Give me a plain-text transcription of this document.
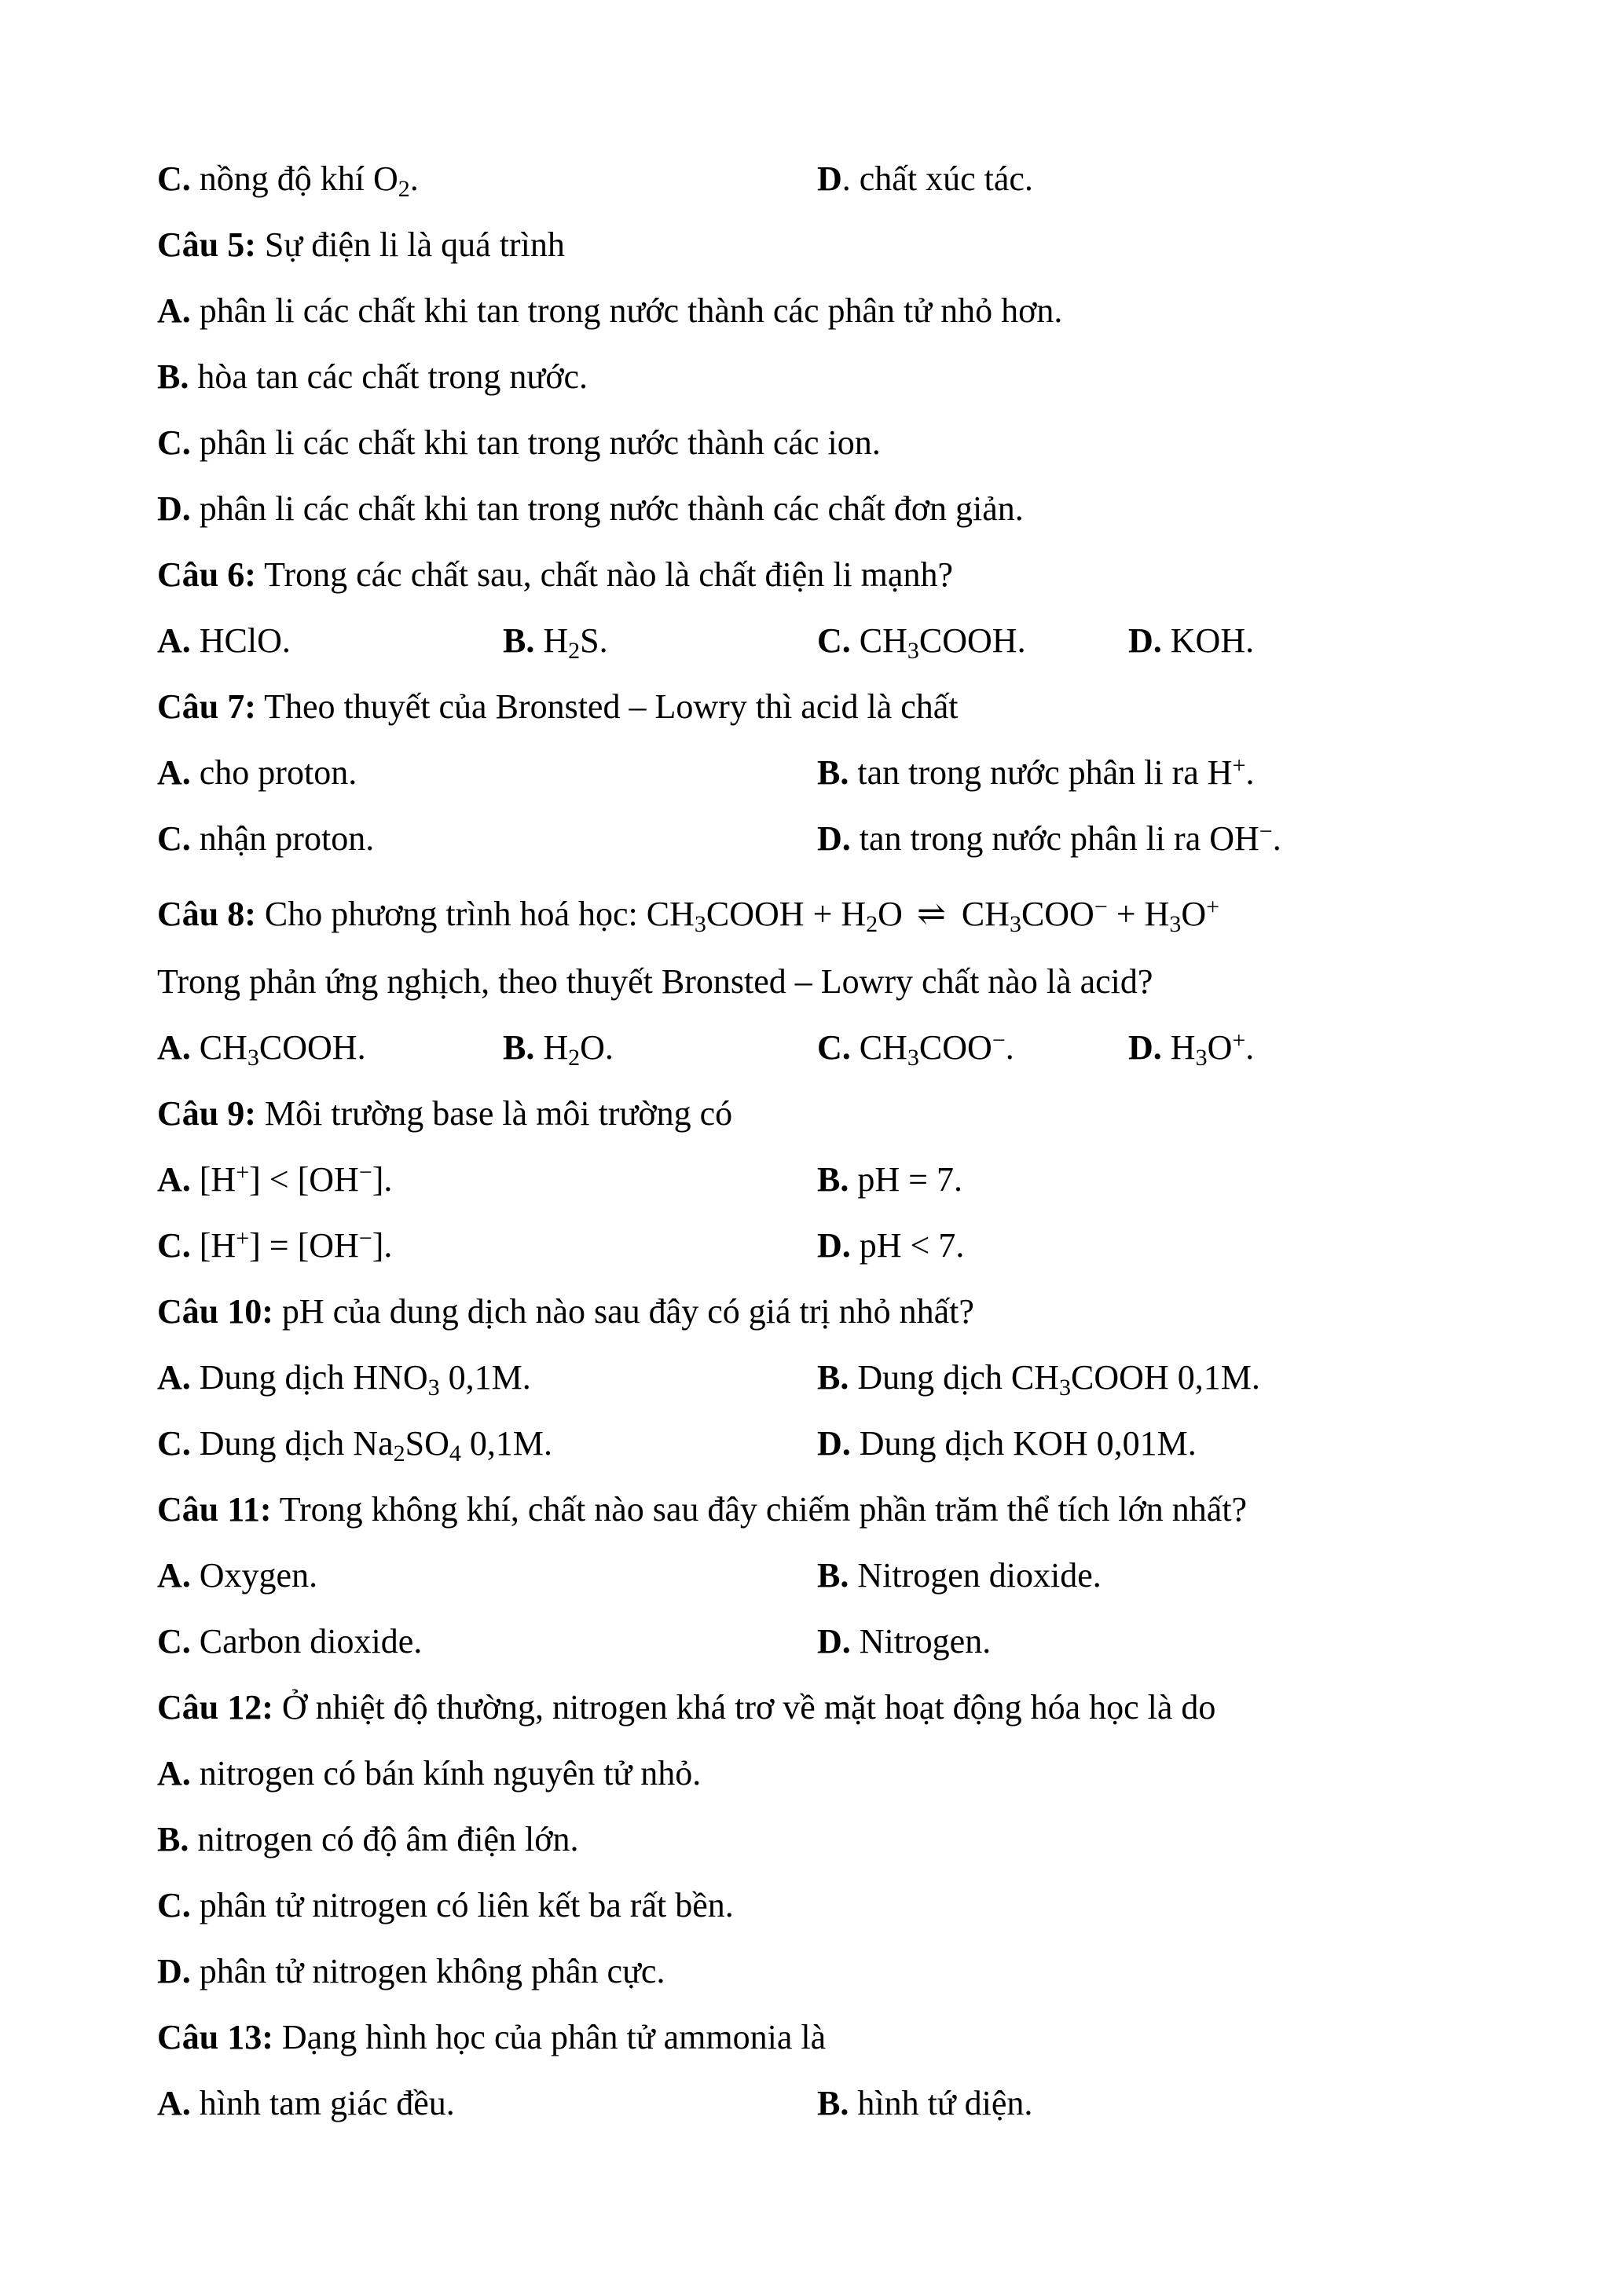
C. nồng độ khí $O_2$.	D. chất xúc tác.
Câu 5: Sự điện li là quá trình
A. phân li các chất khi tan trong nước thành các phân tử nhỏ hơn.
B. hòa tan các chất trong nước.
C. phân li các chất khi tan trong nước thành các ion.
D. phân li các chất khi tan trong nước thành các chất đơn giản.
Câu 6: Trong các chất sau, chất nào là chất điện li mạnh?
A. HClO.	B. $H_2S$.	C. $CH_3COOH$.	D. KOH.
Câu 7: Theo thuyết của Bronsted – Lowry thì acid là chất
A. cho proton.	B. tan trong nước phân li ra H+.
C. nhận proton.	D. tan trong nước phân li ra OH−.
Câu 8: Cho phương trình hoá học: $CH_3COOH + H_2O$ ⇌ $CH_3COO^- + H_3O^+$
Trong phản ứng nghịch, theo thuyết Bronsted – Lowry chất nào là acid?
A. $CH_3COOH$.	B. $H_2O$.	C. $CH_3COO^-$.	D. $H_3O^+$.
Câu 9: Môi trường base là môi trường có
A. [H+] < [OH−].	B. pH = 7.
C. [H+] = [OH−].	D. pH < 7.
Câu 10: pH của dung dịch nào sau đây có giá trị nhỏ nhất?
A. Dung dịch $HNO_3$ 0,1M.	B. Dung dịch $CH_3COOH$ 0,1M.
C. Dung dịch $Na_2SO_4$ 0,1M.	D. Dung dịch KOH 0,01M.
Câu 11: Trong không khí, chất nào sau đây chiếm phần trăm thể tích lớn nhất?
A. Oxygen.	B. Nitrogen dioxide.
C. Carbon dioxide.	D. Nitrogen.
Câu 12: Ở nhiệt độ thường, nitrogen khá trơ về mặt hoạt động hóa học là do
A. nitrogen có bán kính nguyên tử nhỏ.
B. nitrogen có độ âm điện lớn.
C. phân tử nitrogen có liên kết ba rất bền.
D. phân tử nitrogen không phân cực.
Câu 13: Dạng hình học của phân tử ammonia là
A. hình tam giác đều.	B. hình tứ diện.
